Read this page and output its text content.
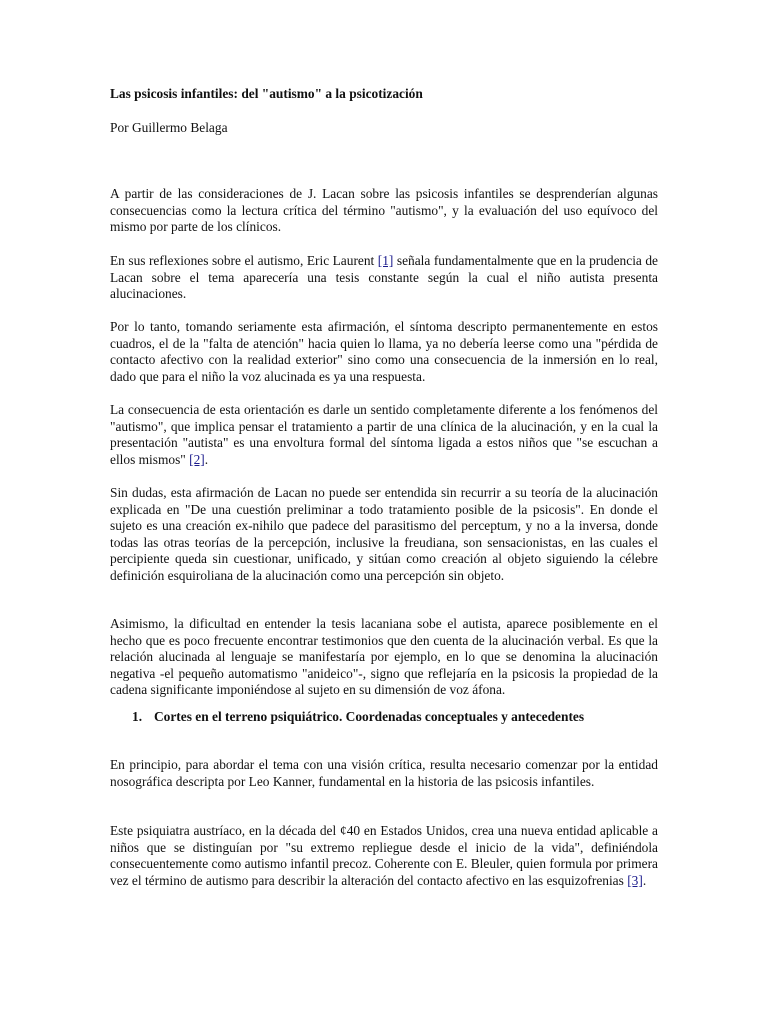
Las psicosis infantiles: del "autismo" a la psicotización

Por Guillermo Belaga

A partir de las consideraciones de J. Lacan sobre las psicosis infantiles se desprenderían algunas consecuencias como la lectura crítica del término "autismo", y la evaluación del uso equívoco del mismo por parte de los clínicos.

En sus reflexiones sobre el autismo, Eric Laurent [1] señala fundamentalmente que en la prudencia de Lacan sobre el tema aparecería una tesis constante según la cual el niño autista presenta alucinaciones.

Por lo tanto, tomando seriamente esta afirmación, el síntoma descripto permanentemente en estos cuadros, el de la "falta de atención" hacia quien lo llama, ya no debería leerse como una "pérdida de contacto afectivo con la realidad exterior" sino como una consecuencia de la inmersión en lo real, dado que para el niño la voz alucinada es ya una respuesta.

La consecuencia de esta orientación es darle un sentido completamente diferente a los fenómenos del "autismo", que implica pensar el tratamiento a partir de una clínica de la alucinación, y en la cual la presentación "autista" es una envoltura formal del síntoma ligada a estos niños que "se escuchan a ellos mismos" [2].

Sin dudas, esta afirmación de Lacan no puede ser entendida sin recurrir a su teoría de la alucinación explicada en "De una cuestión preliminar a todo tratamiento posible de la psicosis". En donde el sujeto es una creación ex-nihilo que padece del parasitismo del perceptum, y no a la inversa, donde todas las otras teorías de la percepción, inclusive la freudiana, son sensacionistas, en las cuales el percipiente queda sin cuestionar, unificado, y sitúan como creación al objeto siguiendo la célebre definición esquiroliana de la alucinación como una percepción sin objeto.

Asimismo, la dificultad en entender la tesis lacaniana sobe el autista, aparece posiblemente en el hecho que es poco frecuente encontrar testimonios que den cuenta de la alucinación verbal. Es que la relación alucinada al lenguaje se manifestaría por ejemplo, en lo que se denomina la alucinación negativa -el pequeño automatismo "anideico"-, signo que reflejaría en la psicosis la propiedad de la cadena significante imponiéndose al sujeto en su dimensión de voz áfona.

1. Cortes en el terreno psiquiátrico. Coordenadas conceptuales y antecedentes

En principio, para abordar el tema con una visión crítica, resulta necesario comenzar por la entidad nosográfica descripta por Leo Kanner, fundamental en la historia de las psicosis infantiles.

Este psiquiatra austríaco, en la década del ¢40 en Estados Unidos, crea una nueva entidad aplicable a niños que se distinguían por "su extremo repliegue desde el inicio de la vida", definiéndola consecuentemente como autismo infantil precoz. Coherente con E. Bleuler, quien formula por primera vez el término de autismo para describir la alteración del contacto afectivo en las esquizofrenias [3].
